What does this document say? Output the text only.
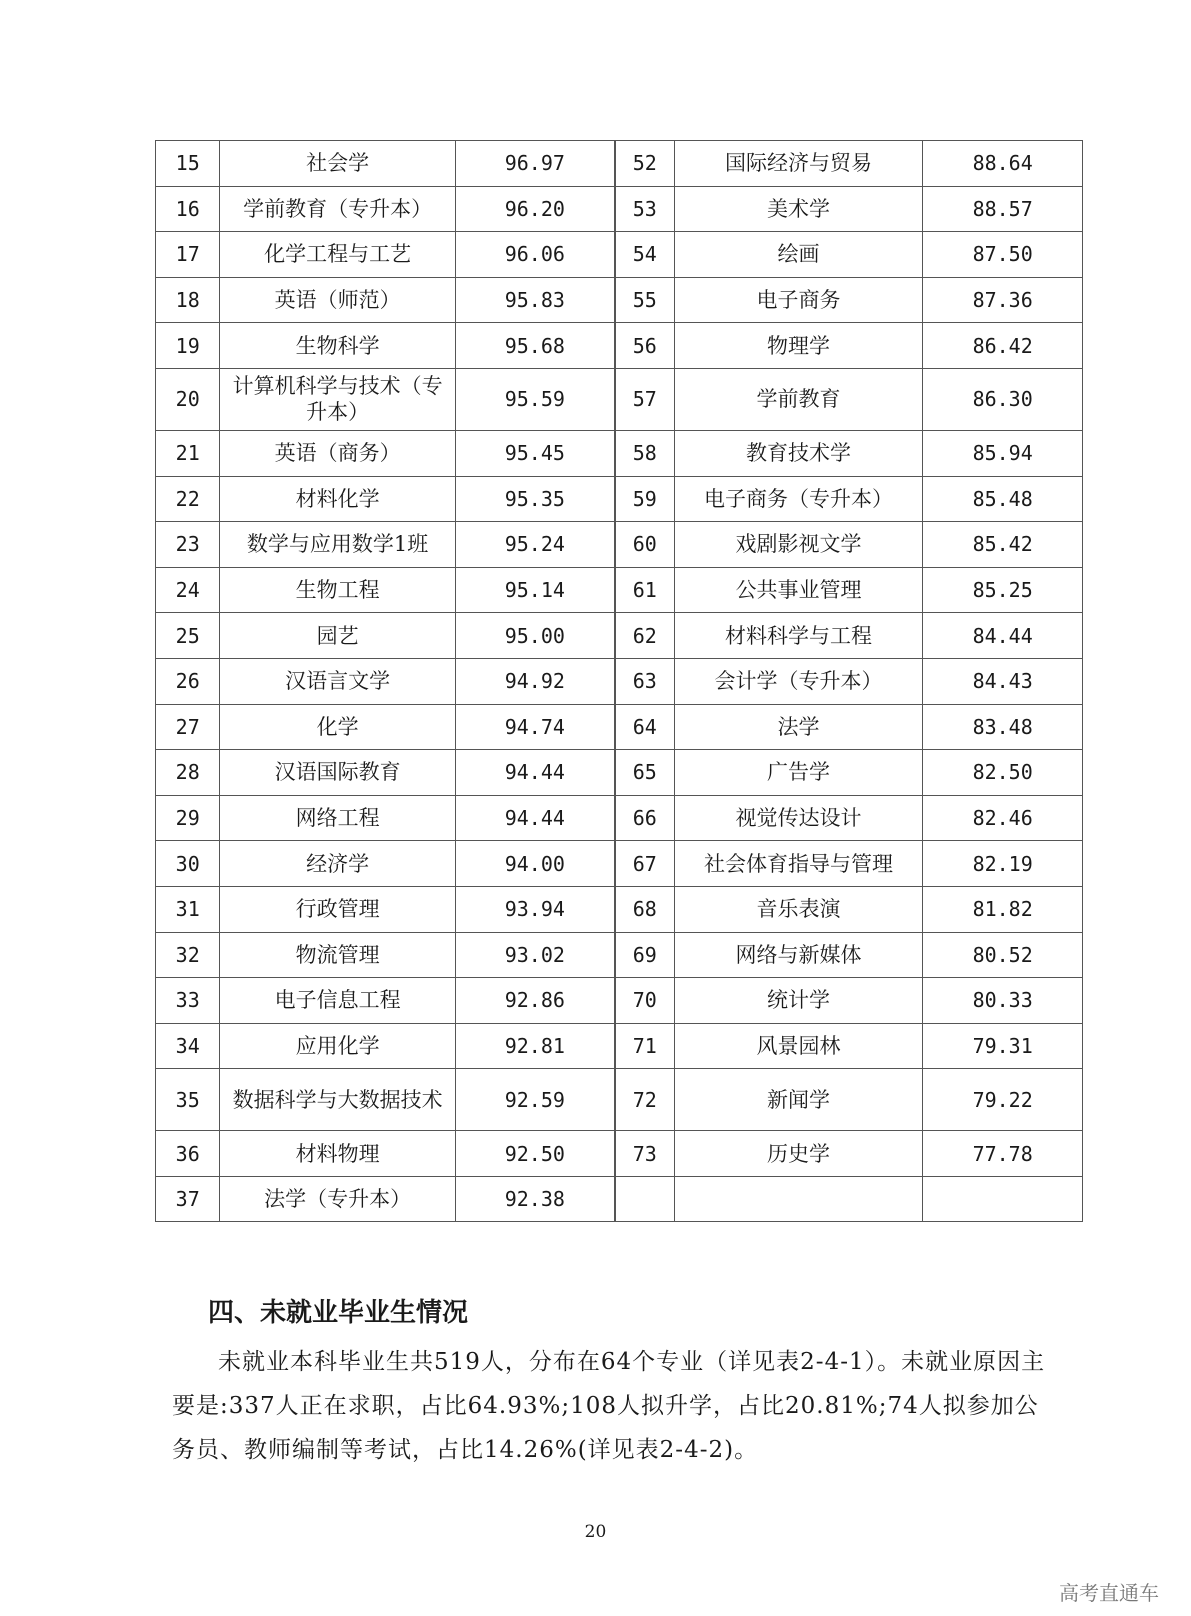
15	社会学	96.97	52	国际经济与贸易	88.64
16	学前教育（专升本）	96.20	53	美术学	88.57
17	化学工程与工艺	96.06	54	绘画	87.50
18	英语（师范）	95.83	55	电子商务	87.36
19	生物科学	95.68	56	物理学	86.42
20	计算机科学与技术（专升本）	95.59	57	学前教育	86.30
21	英语（商务）	95.45	58	教育技术学	85.94
22	材料化学	95.35	59	电子商务（专升本）	85.48
23	数学与应用数学1班	95.24	60	戏剧影视文学	85.42
24	生物工程	95.14	61	公共事业管理	85.25
25	园艺	95.00	62	材料科学与工程	84.44
26	汉语言文学	94.92	63	会计学（专升本）	84.43
27	化学	94.74	64	法学	83.48
28	汉语国际教育	94.44	65	广告学	82.50
29	网络工程	94.44	66	视觉传达设计	82.46
30	经济学	94.00	67	社会体育指导与管理	82.19
31	行政管理	93.94	68	音乐表演	81.82
32	物流管理	93.02	69	网络与新媒体	80.52
33	电子信息工程	92.86	70	统计学	80.33
34	应用化学	92.81	71	风景园林	79.31
35	数据科学与大数据技术	92.59	72	新闻学	79.22
36	材料物理	92.50	73	历史学	77.78
37	法学（专升本）	92.38			
四、未就业毕业生情况

未就业本科毕业生共519人，分布在64个专业（详见表2-4-1）。未就业原因主要是:337人正在求职，占比64.93%;108人拟升学，占比20.81%;74人拟参加公务员、教师编制等考试，占比14.26%(详见表2-4-2)。

20
高考直通车
